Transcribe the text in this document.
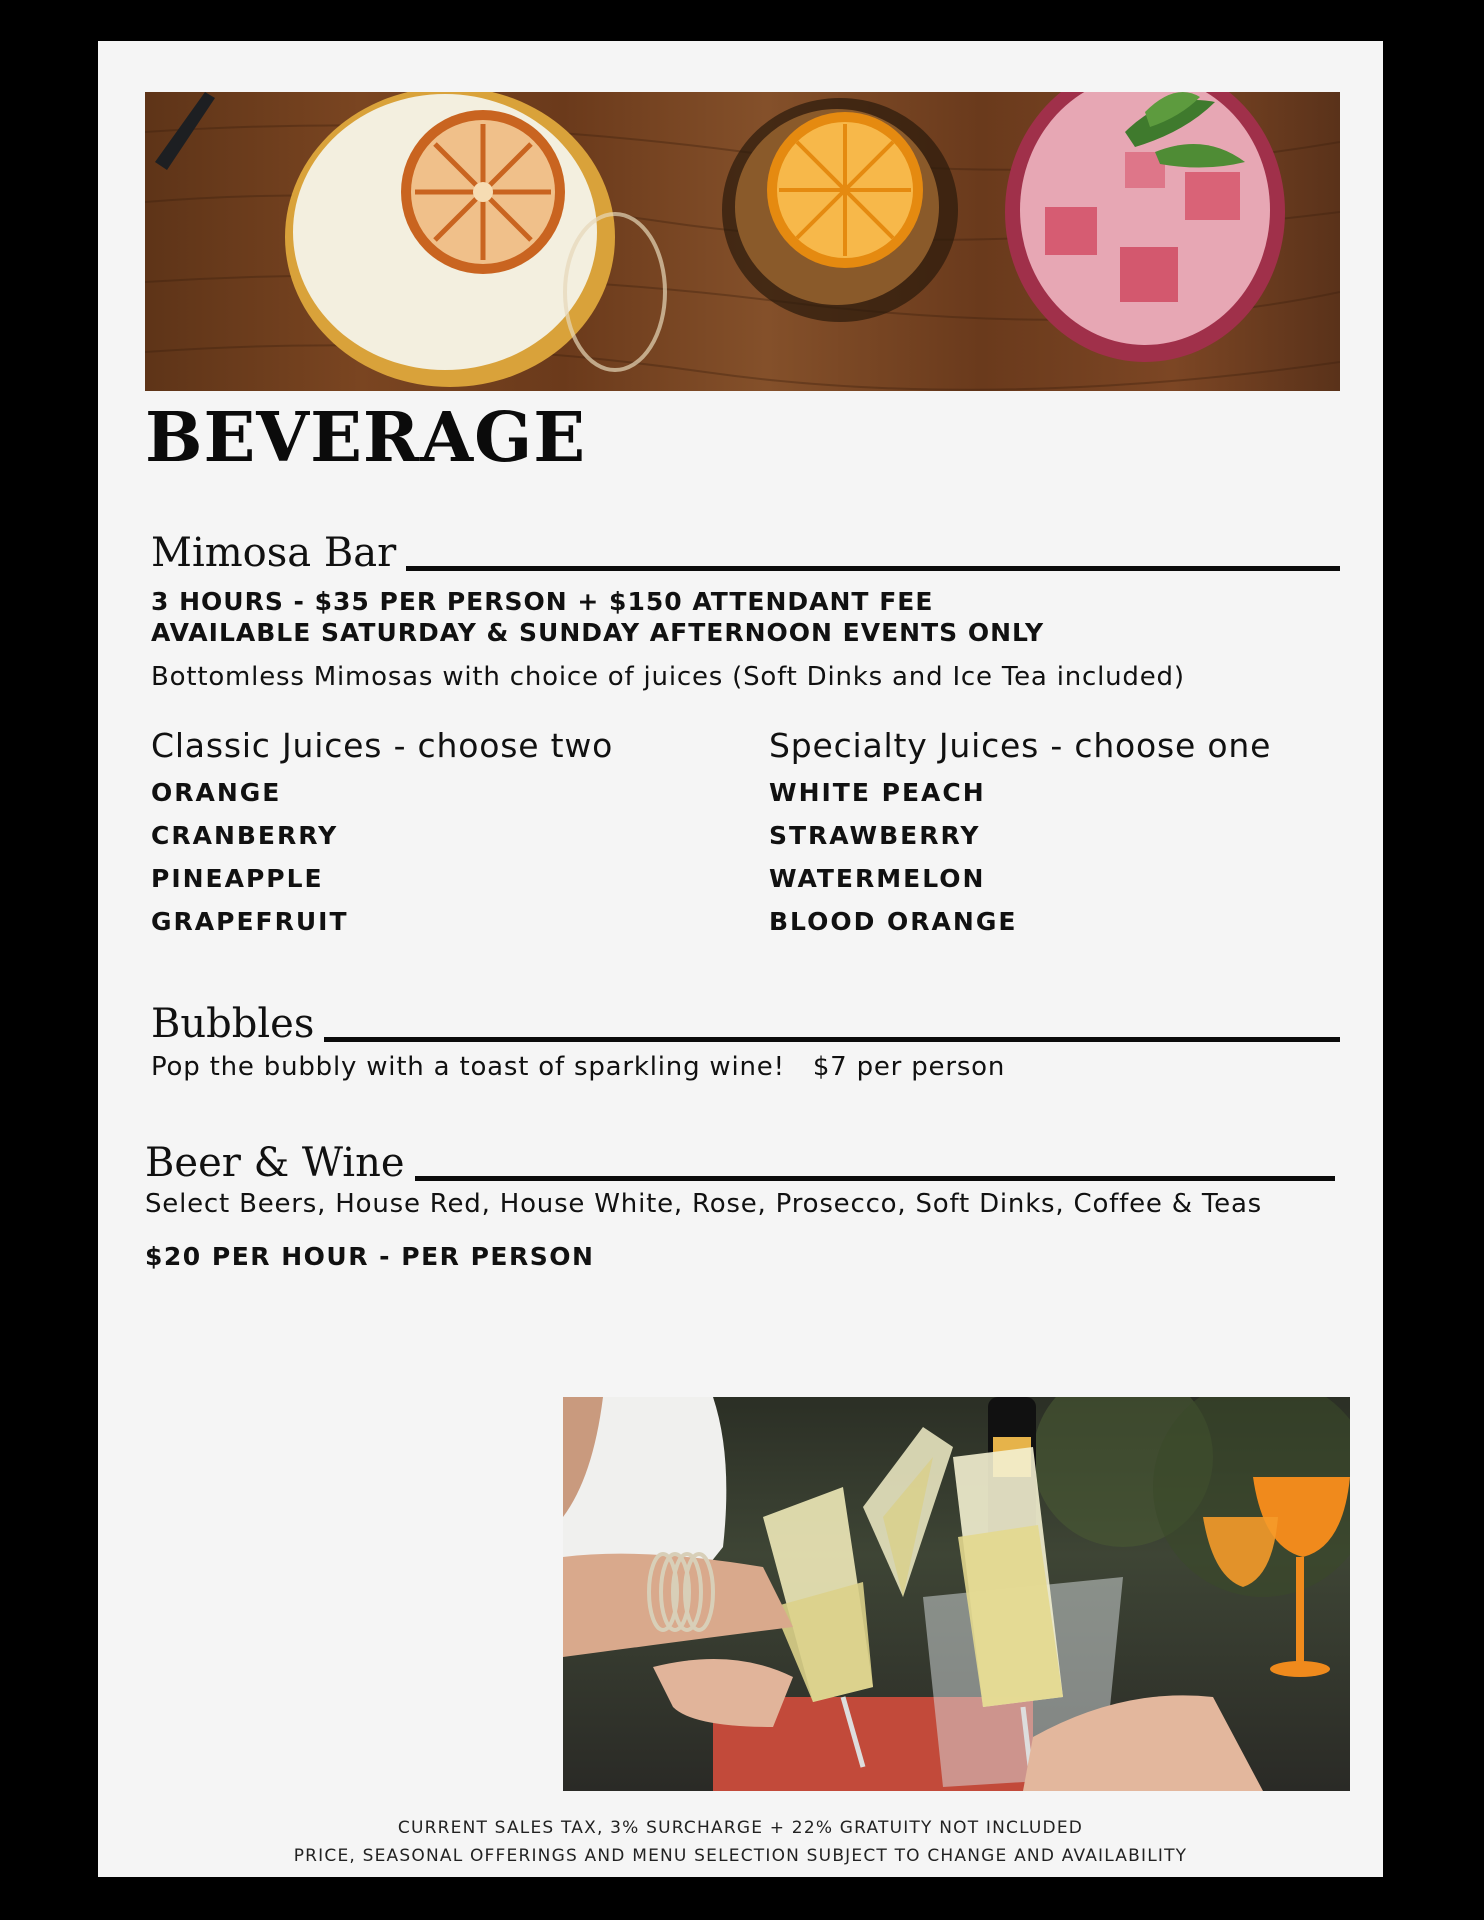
BEVERAGE
Mimosa Bar

3 HOURS - $35 PER PERSON + $150 ATTENDANT FEE

AVAILABLE SATURDAY & SUNDAY AFTERNOON EVENTS ONLY

Bottomless Mimosas with choice of juices (Soft Dinks and Ice Tea included)

Classic Juices - choose two

ORANGE
CRANBERRY
PINEAPPLE
GRAPEFRUIT

Specialty Juices - choose one

WHITE PEACH
STRAWBERRY
WATERMELON
BLOOD ORANGE
Bubbles

Pop the bubbly with a toast of sparkling wine! $7 per person

Beer & Wine

Select Beers, House Red, House White, Rose, Prosecco, Soft Dinks, Coffee & Teas

$20 PER HOUR - PER PERSON

CURRENT SALES TAX, 3% SURCHARGE + 22% GRATUITY NOT INCLUDED

PRICE, SEASONAL OFFERINGS AND MENU SELECTION SUBJECT TO CHANGE AND AVAILABILITY
